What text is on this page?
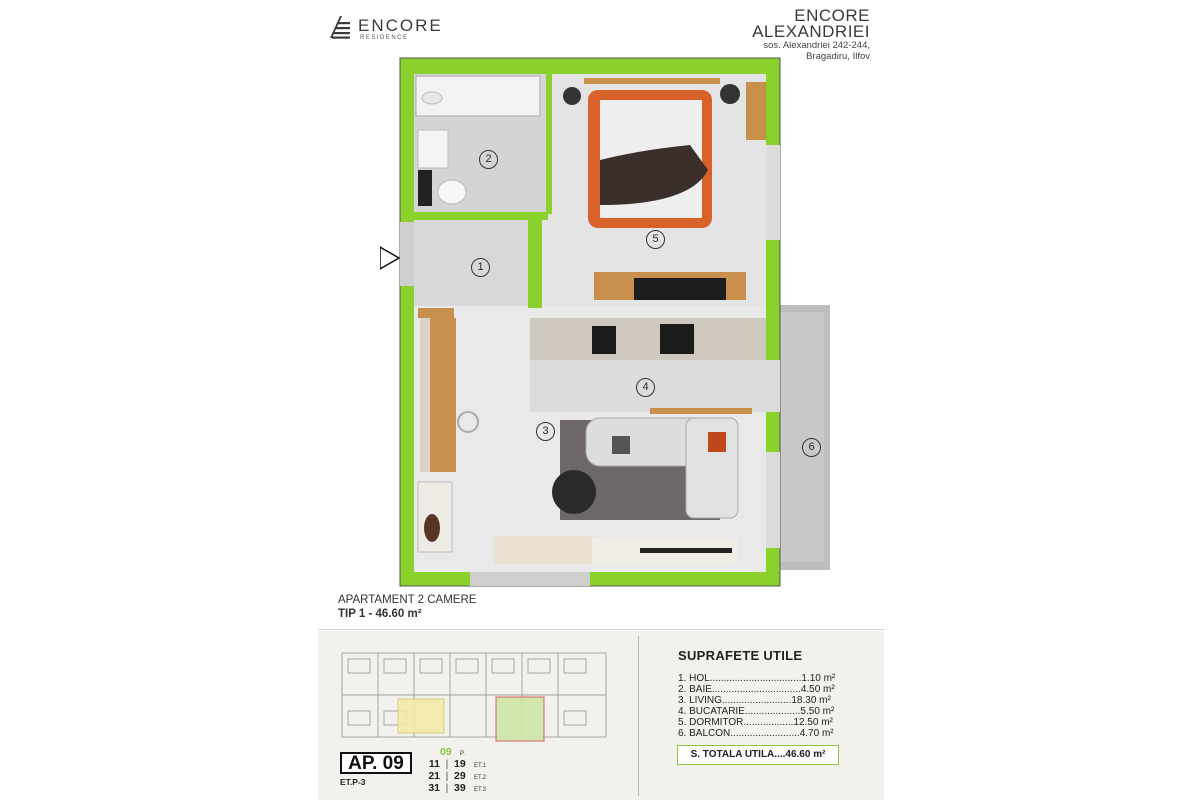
ENCORE
RESIDENCE
ENCORE
ALEXANDRIEI
sos. Alexandriei 242-244,
Bragadiru, Ilfov
1
2
3
4
5
6
APARTAMENT 2 CAMERE
TIP 1 - 46.60 m²
AP. 09
ET.P-3
09	P.
11 | 19	ET.1
21 | 29	ET.2
31 | 39	ET.3
SUPRAFETE UTILE
1. HOL.................................1.10 m²
2. BAIE................................4.50 m²
3. LIVING.........................18.30 m²
4. BUCATARIE....................5.50 m²
5. DORMITOR..................12.50 m²
6. BALCON.........................4.70 m²
S. TOTALA UTILA....46.60 m²
